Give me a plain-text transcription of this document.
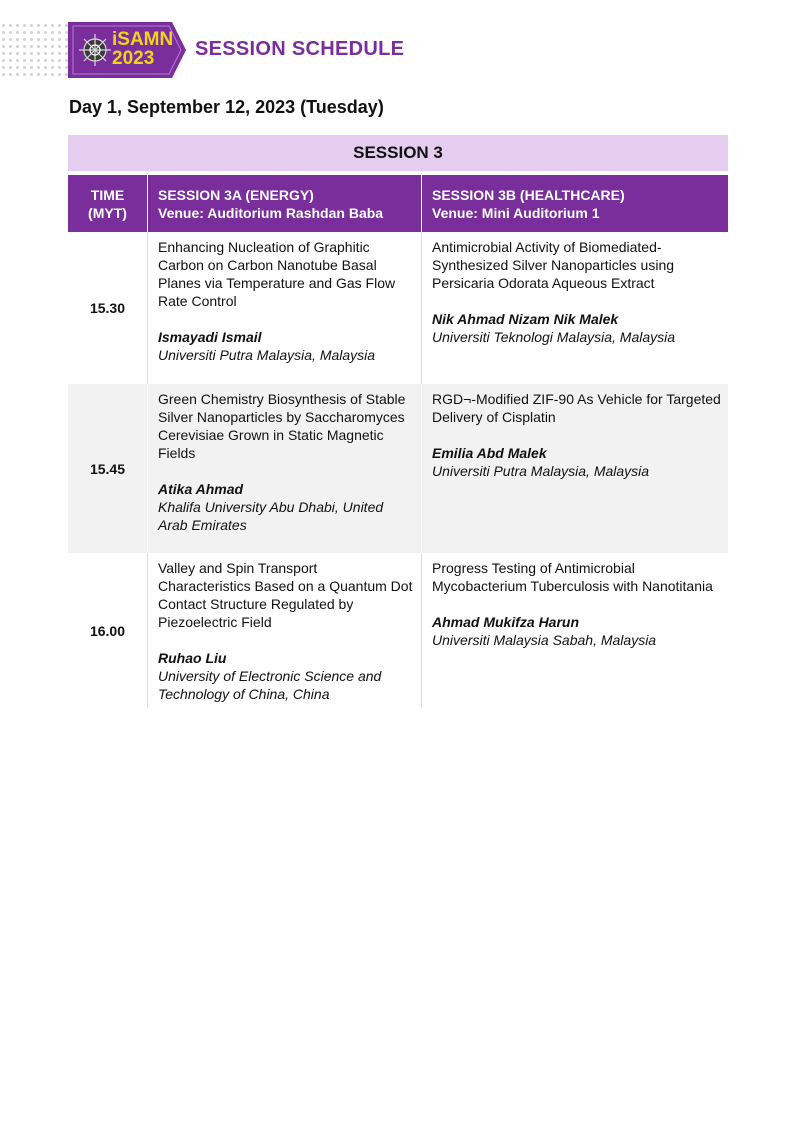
iSAMN
2023	SESSION SCHEDULE
Day 1, September 12, 2023 (Tuesday)
SESSION 3
TIME
(MYT)
SESSION 3A (ENERGY)
Venue: Auditorium Rashdan Baba
SESSION 3B (HEALTHCARE)
Venue: Mini Auditorium 1
15.30
Enhancing Nucleation of Graphitic Carbon on Carbon Nanotube Basal Planes via Temperature and Gas Flow Rate Control
Ismayadi Ismail
Universiti Putra Malaysia, Malaysia
Antimicrobial Activity of Biomediated-Synthesized Silver Nanoparticles using Persicaria Odorata Aqueous Extract
Nik Ahmad Nizam Nik Malek
Universiti Teknologi Malaysia, Malaysia
15.45
Green Chemistry Biosynthesis of Stable Silver Nanoparticles by Saccharomyces Cerevisiae Grown in Static Magnetic Fields
Atika Ahmad
Khalifa University Abu Dhabi, United Arab Emirates
RGD¬-Modified ZIF-90 As Vehicle for Targeted Delivery of Cisplatin
Emilia Abd Malek
Universiti Putra Malaysia, Malaysia
16.00
Valley and Spin Transport Characteristics Based on a Quantum Dot Contact Structure Regulated by Piezoelectric Field
Ruhao Liu
University of Electronic Science and Technology of China, China
Progress Testing of Antimicrobial Mycobacterium Tuberculosis with Nanotitania
Ahmad Mukifza Harun
Universiti Malaysia Sabah, Malaysia
